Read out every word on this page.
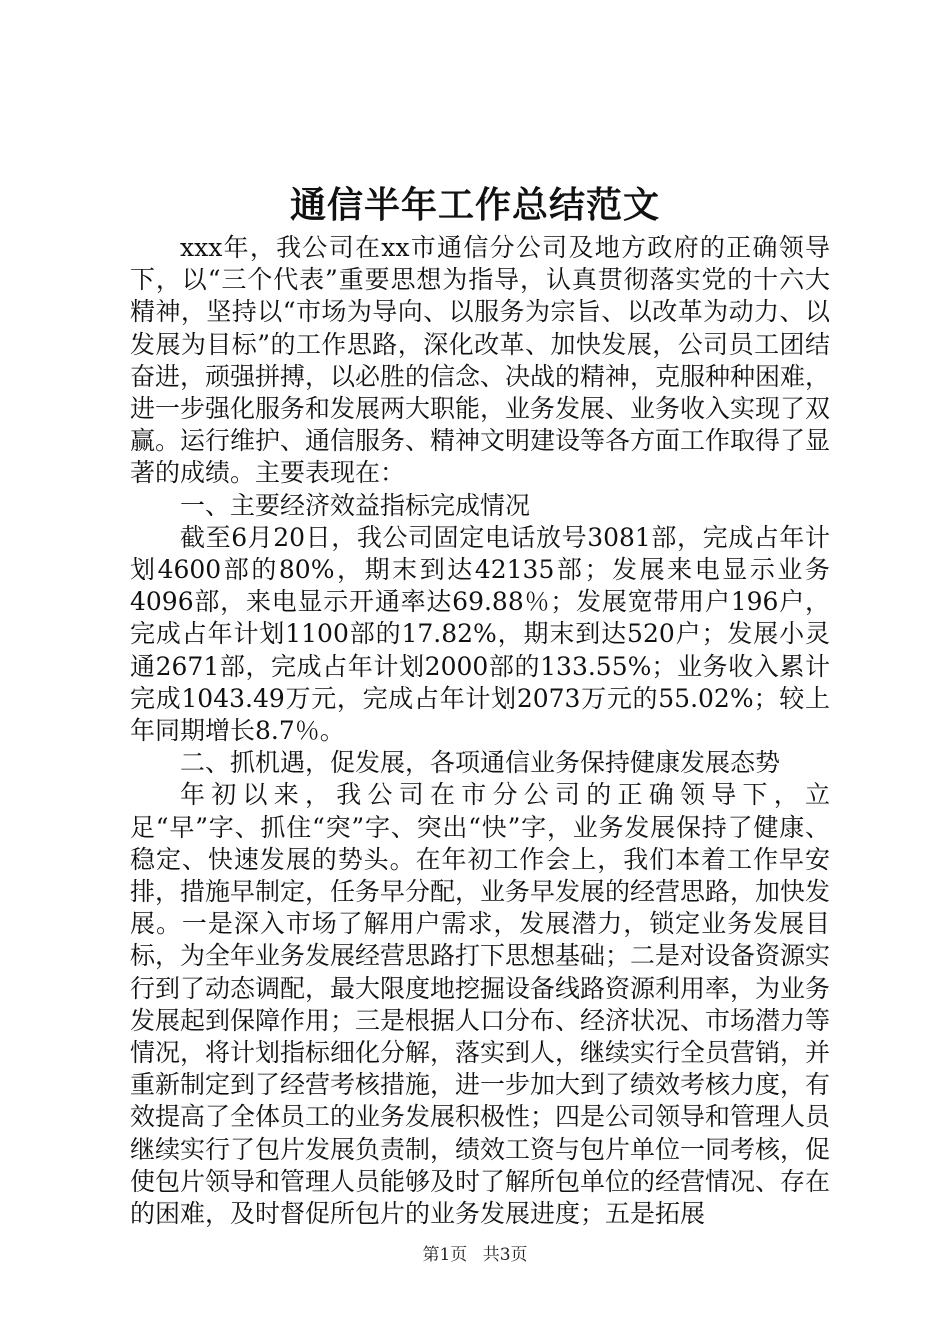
通信半年工作总结范文

xxx年，我公司在xx市通信分公司及地方政府的正确领导下，以“三个代表”重要思想为指导，认真贯彻落实党的十六大精神，坚持以“市场为导向、以服务为宗旨、以改革为动力、以发展为目标”的工作思路，深化改革、加快发展，公司员工团结奋进，顽强拼搏，以必胜的信念、决战的精神，克服种种困难，进一步强化服务和发展两大职能，业务发展、业务收入实现了双赢。运行维护、通信服务、精神文明建设等各方面工作取得了显著的成绩。主要表现在：

一、主要经济效益指标完成情况

截至6月20日，我公司固定电话放号3081部，完成占年计划4600部的80%，期末到达42135部；发展来电显示业务4096部，来电显示开通率达69.88％；发展宽带用户196户，完成占年计划1100部的17.82%，期末到达520户；发展小灵通2671部，完成占年计划2000部的133.55%；业务收入累计完成1043.49万元，完成占年计划2073万元的55.02%；较上年同期增长8.7％。

二、抓机遇，促发展，各项通信业务保持健康发展态势

年初以来，我公司在市分公司的正确领导下，立足“早”字、抓住“突”字、突出“快”字，业务发展保持了健康、稳定、快速发展的势头。在年初工作会上，我们本着工作早安排，措施早制定，任务早分配，业务早发展的经营思路，加快发展。一是深入市场了解用户需求，发展潜力，锁定业务发展目标，为全年业务发展经营思路打下思想基础；二是对设备资源实行到了动态调配，最大限度地挖掘设备线路资源利用率，为业务发展起到保障作用；三是根据人口分布、经济状况、市场潜力等情况，将计划指标细化分解，落实到人，继续实行全员营销，并重新制定到了经营考核措施，进一步加大到了绩效考核力度，有效提高了全体员工的业务发展积极性；四是公司领导和管理人员继续实行了包片发展负责制，绩效工资与包片单位一同考核，促使包片领导和管理人员能够及时了解所包单位的经营情况、存在的困难，及时督促所包片的业务发展进度；五是拓展

第1页 共3页
